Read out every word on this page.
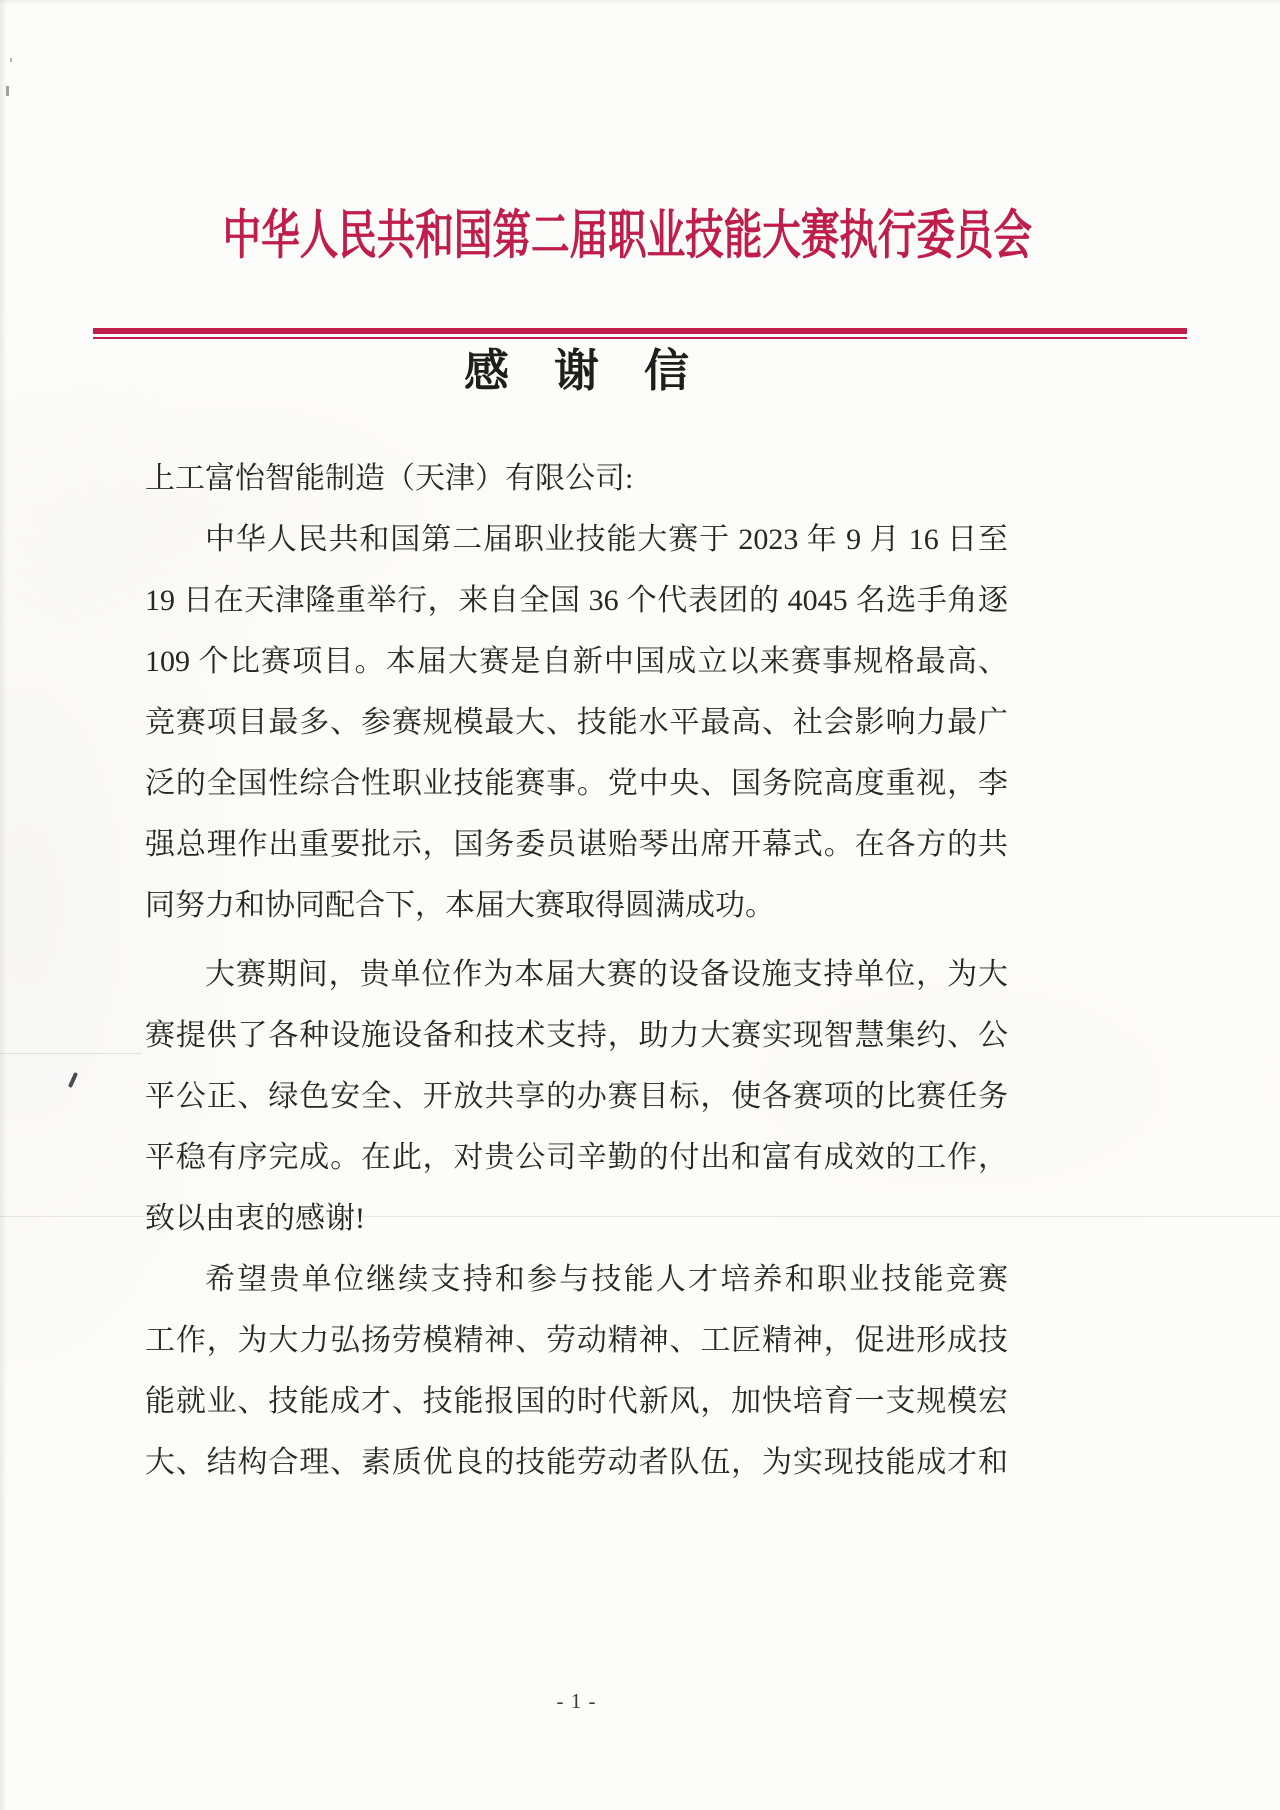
中华人民共和国第二届职业技能大赛执行委员会
感　谢　信
上工富怡智能制造（天津）有限公司:
中华人民共和国第二届职业技能大赛于 2023 年 9 月 16 日至
19 日在天津隆重举行，来自全国 36 个代表团的 4045 名选手角逐
109 个比赛项目。本届大赛是自新中国成立以来赛事规格最高、
竞赛项目最多、参赛规模最大、技能水平最高、社会影响力最广
泛的全国性综合性职业技能赛事。党中央、国务院高度重视，李
强总理作出重要批示，国务委员谌贻琴出席开幕式。在各方的共
同努力和协同配合下，本届大赛取得圆满成功。
大赛期间，贵单位作为本届大赛的设备设施支持单位，为大
赛提供了各种设施设备和技术支持，助力大赛实现智慧集约、公
平公正、绿色安全、开放共享的办赛目标，使各赛项的比赛任务
平稳有序完成。在此，对贵公司辛勤的付出和富有成效的工作，
致以由衷的感谢!
希望贵单位继续支持和参与技能人才培养和职业技能竞赛
工作，为大力弘扬劳模精神、劳动精神、工匠精神，促进形成技
能就业、技能成才、技能报国的时代新风，加快培育一支规模宏
大、结构合理、素质优良的技能劳动者队伍，为实现技能成才和
- 1 -
